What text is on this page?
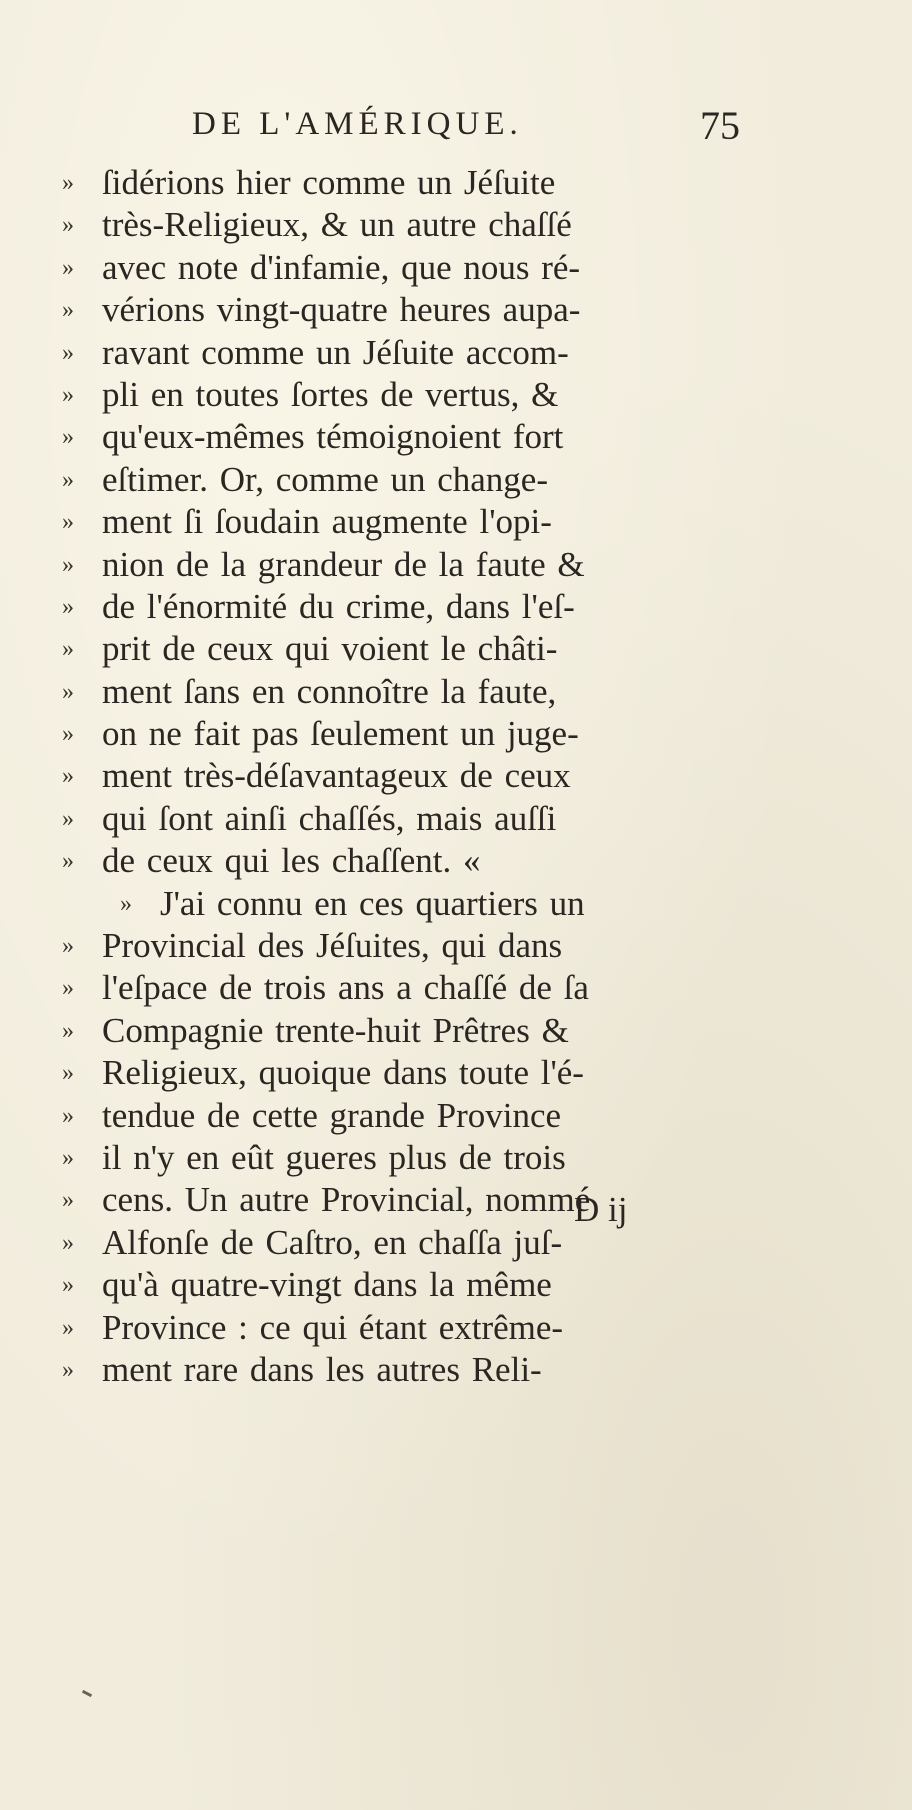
DE L'AMÉRIQUE.	75
» ſidérions hier comme un Jéſuite
» très-Religieux, & un autre chaſſé
» avec note d'infamie, que nous ré-
» vérions vingt-quatre heures aupa-
» ravant comme un Jéſuite accom-
» pli en toutes ſortes de vertus, &
» qu'eux-mêmes témoignoient fort
» eſtimer. Or, comme un change-
» ment ſi ſoudain augmente l'opi-
» nion de la grandeur de la faute &
» de l'énormité du crime, dans l'eſ-
» prit de ceux qui voient le châti-
» ment ſans en connoître la faute,
» on ne fait pas ſeulement un juge-
» ment très-déſavantageux de ceux
» qui ſont ainſi chaſſés, mais auſſi
» de ceux qui les chaſſent. «
» J'ai connu en ces quartiers un
» Provincial des Jéſuites, qui dans
» l'eſpace de trois ans a chaſſé de ſa
» Compagnie trente-huit Prêtres &
» Religieux, quoique dans toute l'é-
» tendue de cette grande Province
» il n'y en eût gueres plus de trois
» cens. Un autre Provincial, nommé
» Alfonſe de Caſtro, en chaſſa juſ-
» qu'à quatre-vingt dans la même
» Province : ce qui étant extrême-
» ment rare dans les autres Reli-
D ij
